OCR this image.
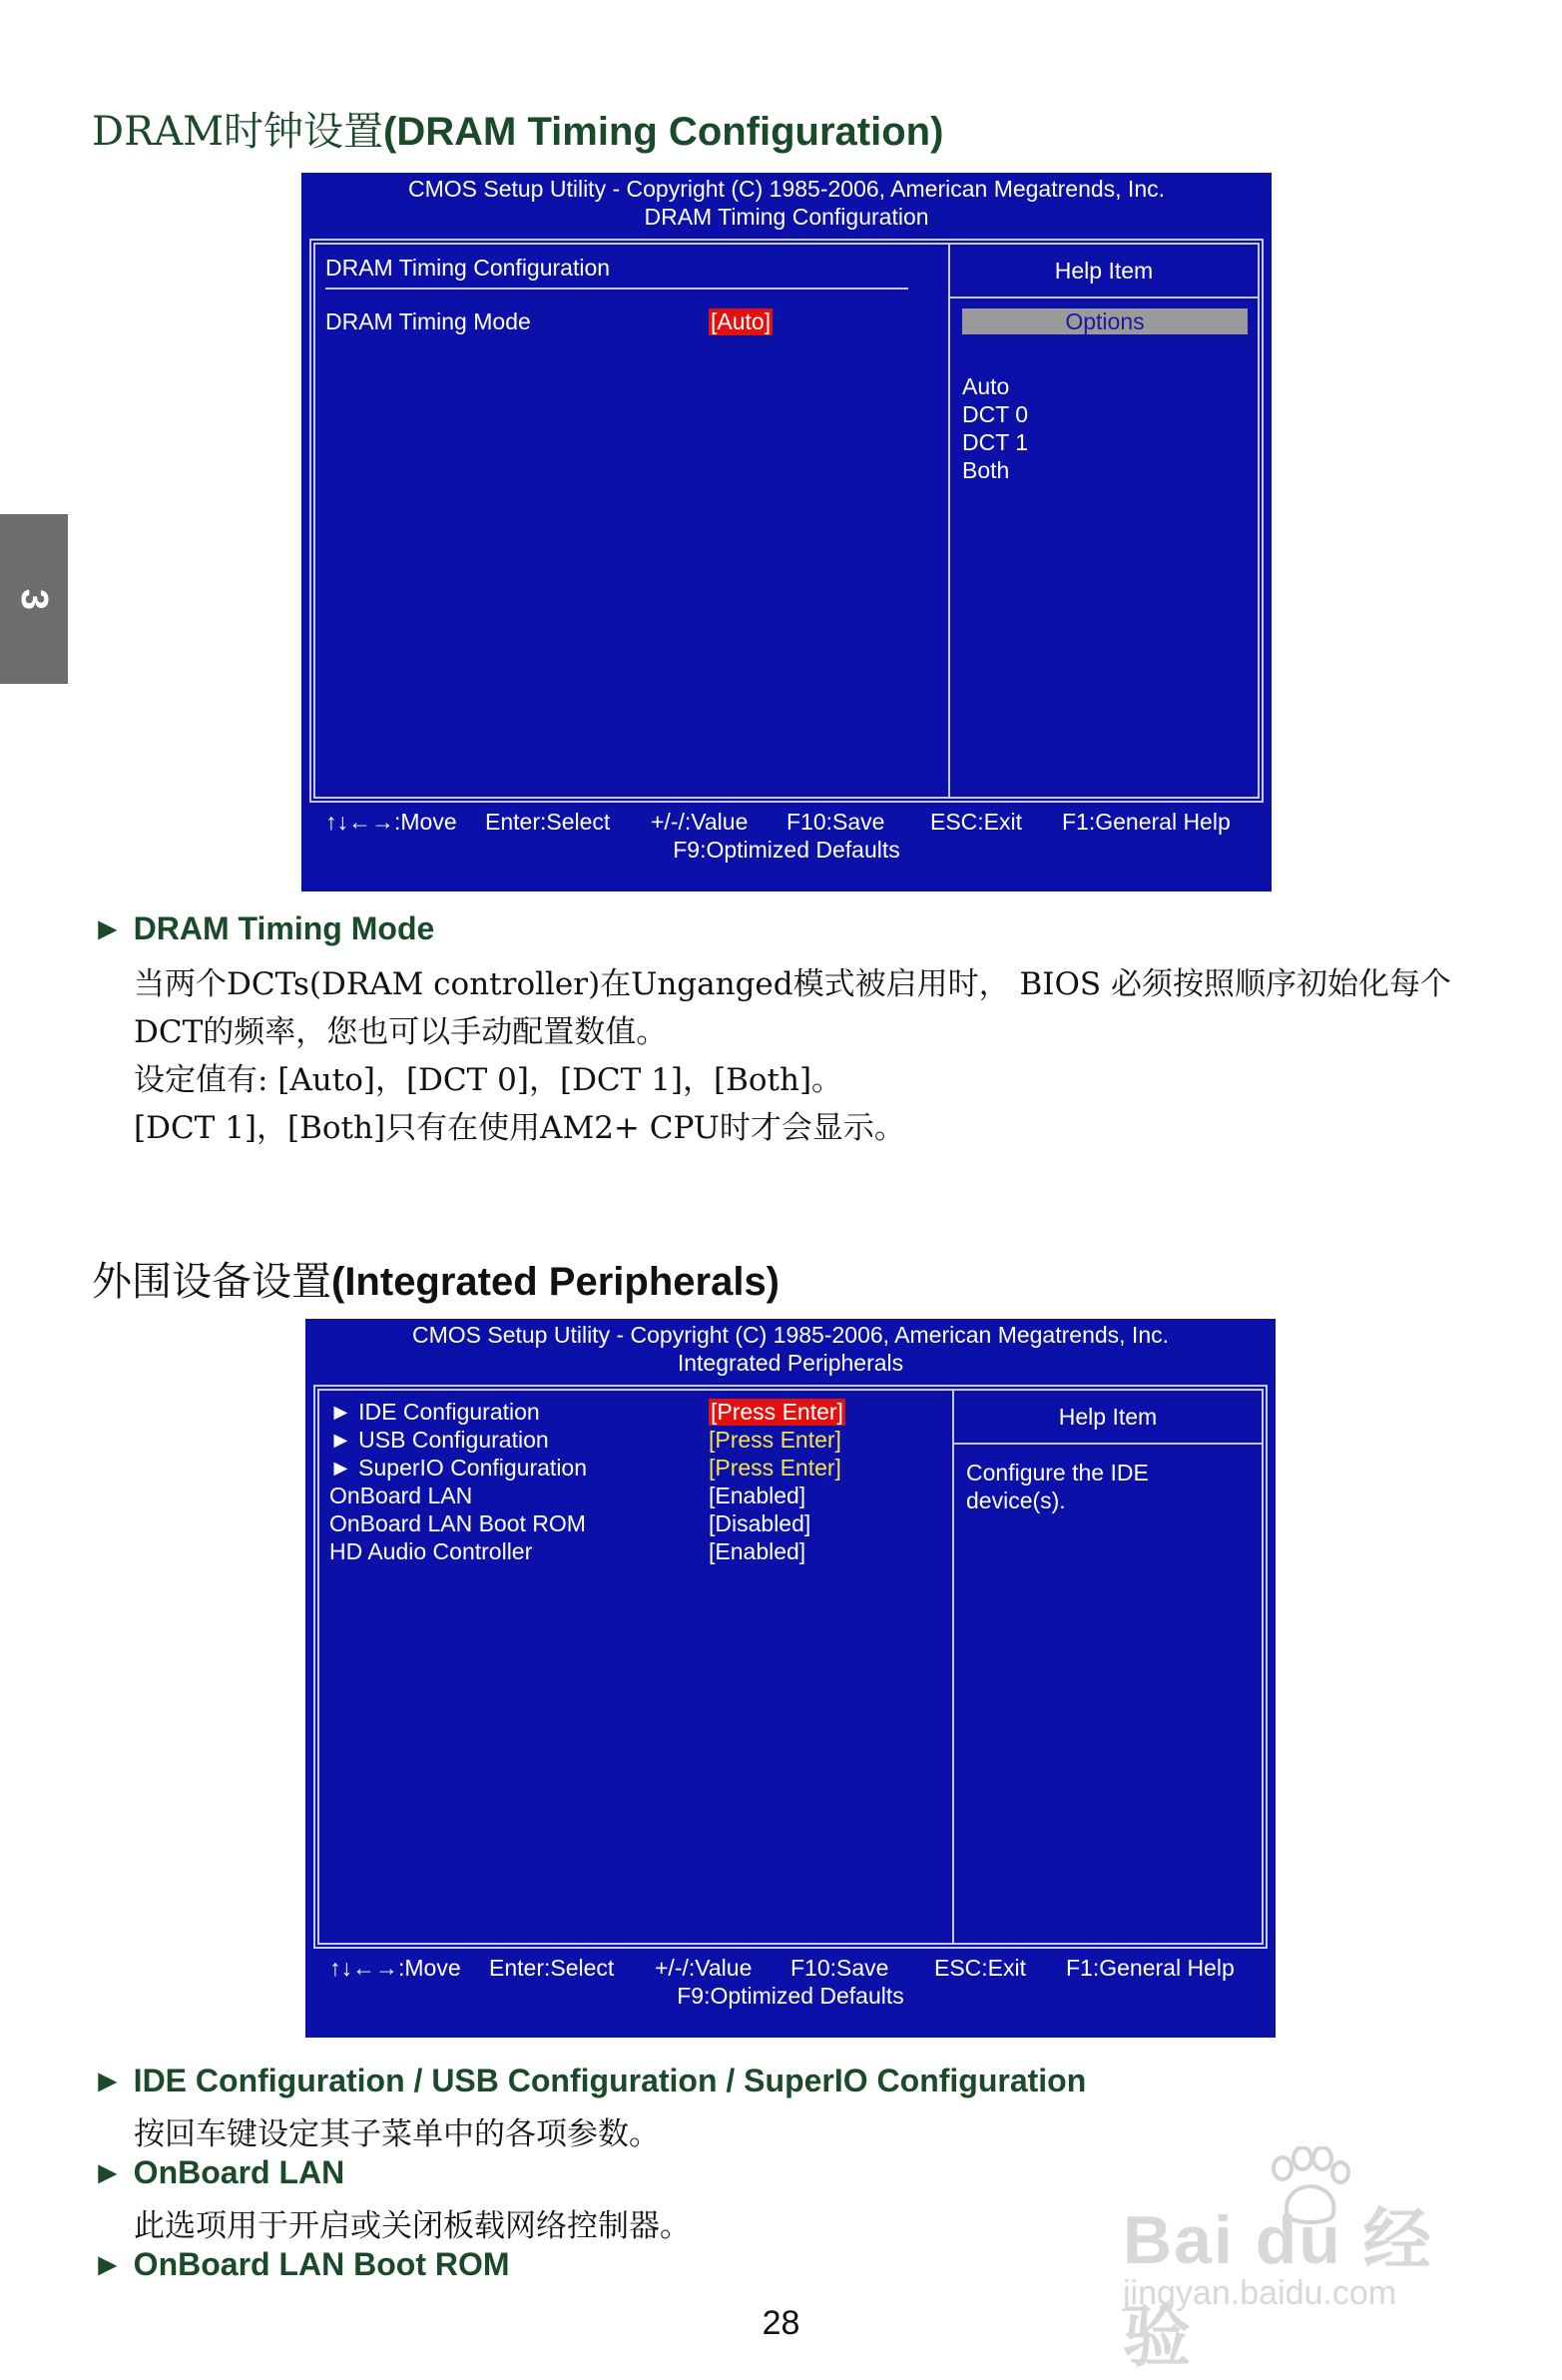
3
DRAM时钟设置(DRAM Timing Configuration)
CMOS Setup Utility - Copyright (C) 1985-2006, American Megatrends, Inc.
DRAM Timing Configuration
DRAM Timing Configuration
DRAM Timing Mode	[Auto]
Help Item
Options
Auto
DCT 0
DCT 1
Both
↑↓←→:Move Enter:Select +/-/:Value F10:Save ESC:Exit F1:General Help
F9:Optimized Defaults
► DRAM Timing Mode
当两个DCTs(DRAM controller)在Unganged模式被启用时， BIOS 必须按照顺序初始化每个
DCT的频率，您也可以手动配置数值。
设定值有: [Auto]，[DCT 0]，[DCT 1]，[Both]。
[DCT 1]，[Both]只有在使用AM2+ CPU时才会显示。
外围设备设置(Integrated Peripherals)
CMOS Setup Utility - Copyright (C) 1985-2006, American Megatrends, Inc.
Integrated Peripherals
► IDE Configuration	[Press Enter]
► USB Configuration	[Press Enter]
► SuperIO Configuration	[Press Enter]
OnBoard LAN	[Enabled]
OnBoard LAN Boot ROM	[Disabled]
HD Audio Controller	[Enabled]
Help Item
Configure the IDE
device(s).
↑↓←→:Move Enter:Select +/-/:Value F10:Save ESC:Exit F1:General Help
F9:Optimized Defaults
► IDE Configuration / USB Configuration / SuperIO Configuration
按回车键设定其子菜单中的各项参数。
► OnBoard LAN
此选项用于开启或关闭板载网络控制器。
► OnBoard LAN Boot ROM
28
Bai du 经验
jingyan.baidu.com
